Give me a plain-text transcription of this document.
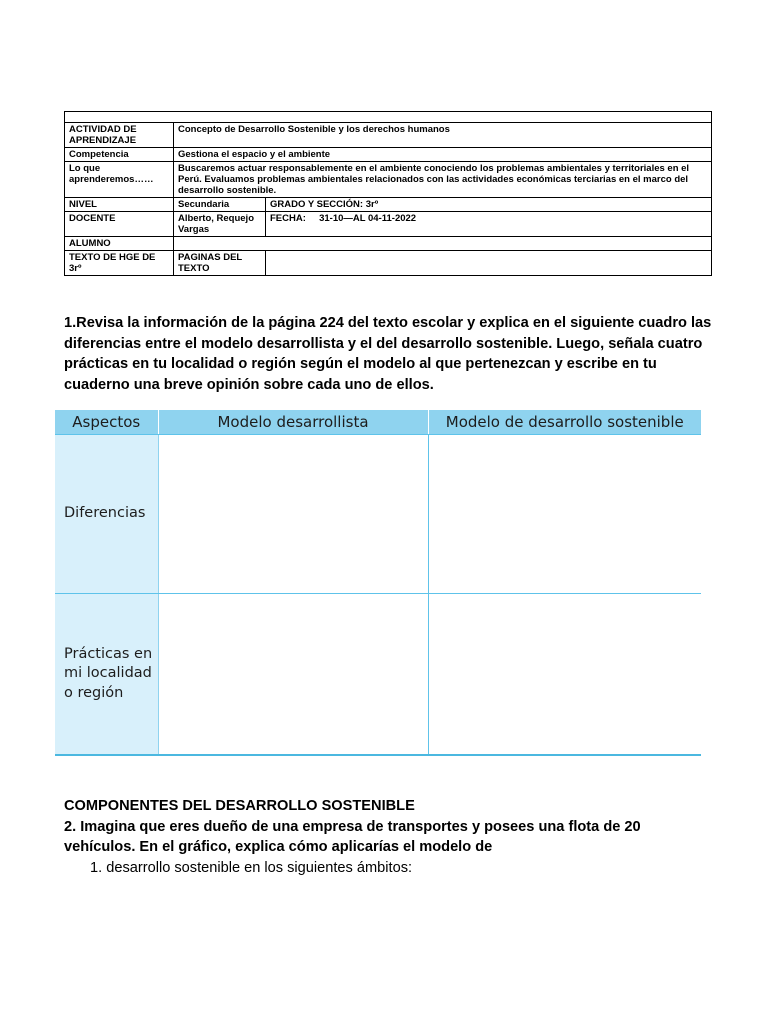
ACTIVIDAD DE APRENDIZAJE	Concepto de Desarrollo Sostenible y los derechos humanos	
Competencia	Gestiona el espacio y el ambiente	
Lo que aprenderemos……	Buscaremos actuar responsablemente en el ambiente conociendo los problemas ambientales y territoriales en el Perú. Evaluamos problemas ambientales relacionados con las actividades económicas terciarias en el marco del desarrollo sostenible.	
NIVEL	Secundaria	GRADO Y SECCIÓN: 3rº
DOCENTE	Alberto, Requejo Vargas	FECHA: 31-10—AL 04-11-2022
ALUMNO		
TEXTO DE HGE DE 3rº	PAGINAS DEL TEXTO	
1.Revisa la información de la página 224 del texto escolar y explica en el siguiente cuadro las diferencias entre el modelo desarrollista y el del desarrollo sostenible. Luego, señala cuatro prácticas en tu localidad o región según el modelo al que pertenezcan y escribe en tu cuaderno una breve opinión sobre cada uno de ellos.
Aspectos	Modelo desarrollista	Modelo de desarrollo sostenible
Diferencias		
Prácticas en mi localidad o región		
COMPONENTES DEL DESARROLLO SOSTENIBLE
2. Imagina que eres dueño de una empresa de transportes y posees una flota de 20 vehículos. En el gráfico, explica cómo aplicarías el modelo de
1. desarrollo sostenible en los siguientes ámbitos:
